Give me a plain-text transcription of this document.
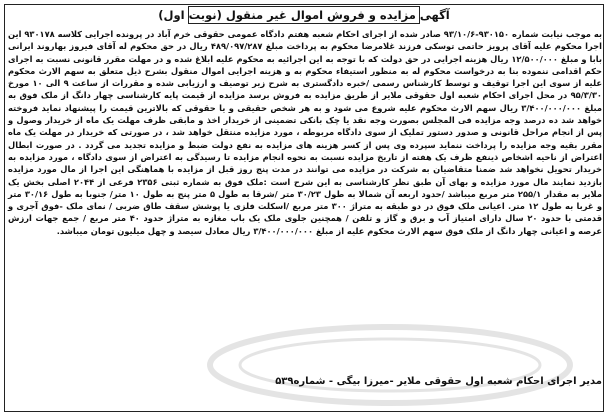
آگهی مزایده و فروش اموال غیر منقول (نوبت اول)

به موجب نیابت شماره ۹۳۰۱۵۰-۹۳/۱۰/۶ صادر شده از اجرای احکام شعبه هفتم دادگاه عمومی حقوقی خرم آباد در پرونده اجرایی کلاسه ۹۳۰۱۷۸ این اجرا محکوم علیه آقای پرویز حاتمی توسکی فرزند غلامرضا محکوم به پرداخت مبلغ ۴۸۹/۰۹۷/۲۸۷ ریال در حق محکوم له آقای فیروز بهاروند ایرانی بابا و مبلغ ۱۲/۵۰۰/۰۰۰ ریال هزینه اجرایی در حق دولت که با توجه به این اجرائیه به محکوم علیه ابلاغ شده و در مهلت مقرر قانونی نسبت به اجرای حکم اقدامی ننموده بنا به درخواست محکوم له به منظور استیفاء محکوم به و هزینه اجرایی اموال منقول بشرح ذیل متعلق به سهم الارث محکوم علیه از سوی این اجرا توقیف و توسط کارشناس رسمی /خبره دادگستری به شرح زیر توصیف و ارزیابی شده و مقررات از ساعت ۹ الی ۱۰ مورخ ۹۵/۳/۳۰ در محل اجرای احکام شعبه اول حقوقی ملایر از طریق مزایده به فروش برسد مزایده از قیمت پایه کارشناسی چهار دانگ از ملک فوق به مبلغ ۳/۴۰۰/۰۰۰/۰۰۰ ریال سهم الارث محکوم علیه شروع می شود و به هر شخص حقیقی و یا حقوقی که بالاترین قیمت را پیشنهاد نماید فروخته خواهد شد ده درصد وجه مزایده فی المجلس بصورت وجه نقد یا چک بانکی تضمینی از خریدار اخذ و مابقی ظرف مهلت یک ماه از خریدار وصول و پس از انجام مراحل قانونی و صدور دستور تملیک از سوی دادگاه مربوطه ، مورد مزایده منتقل خواهد شد ، در صورتی که خریدار در مهلت یک ماه مقرر بقیه وجه مزایده را پرداخت ننماید سپرده وی پس از کسر هزینه های مزایده به نفع دولت ضبط و مزایده تجدید می گردد . در صورت ابطال اعتراض از ناحیه اشخاص ذینفع ظرف یک هفته از تاریخ مزایده نسبت به نحوه انجام مزایده تا رسیدگی به اعتراض از سوی دادگاه ، مورد مزایده به خریدار تحویل نخواهد شد ضمنا متقاضیان به شرکت در مزایده می توانند در مدت پنج روز قبل از مزایده با هماهنگی این اجرا از مال مورد مزایده بازدید نمایند مال مورد مزایده و بهای آن طبق نظر کارشناسی به این شرح است :ملک فوق به شماره ثبتی ۲۳۵۶ فرعی از ۲۰۴۴ اصلی بخش یک ملایر به مقدار ۲۵۵/۱ متر مربع میباشد /حدود اربعه آن شمالا به طول ۳۰/۲۳ متر /شرقا به طول ۵ متر پنج به طول ۱۰ متر/ جنوبا به طول ۳۰/۱۶ متر و غربا به طول ۱۲ متر. اعیانی ملک فوق در دو طبقه به متراژ ۳۰۰ متر مربع /اسکلت فلزی یا پوشش سقف طاق ضربی / نمای ملک -فوق آجری و قدمتی با حدود ۲۰ سال دارای امتیاز آب و برق و گاز و تلفن / همچنین جلوی ملک یک باب مغازه به متراژ حدود ۴۰ متر مربع / جمع جهات ارزش عرصه و اعیانی چهار دانگ از ملک فوق سهم الارث محکوم علیه از مبلغ ۳/۴۰۰/۰۰۰/۰۰۰ ریال معادل سیصد و چهل میلیون تومان میباشد.

مدیر اجرای احکام شعبه اول حقوقی ملایر -میرزا بیگی - شماره۵۳۹
